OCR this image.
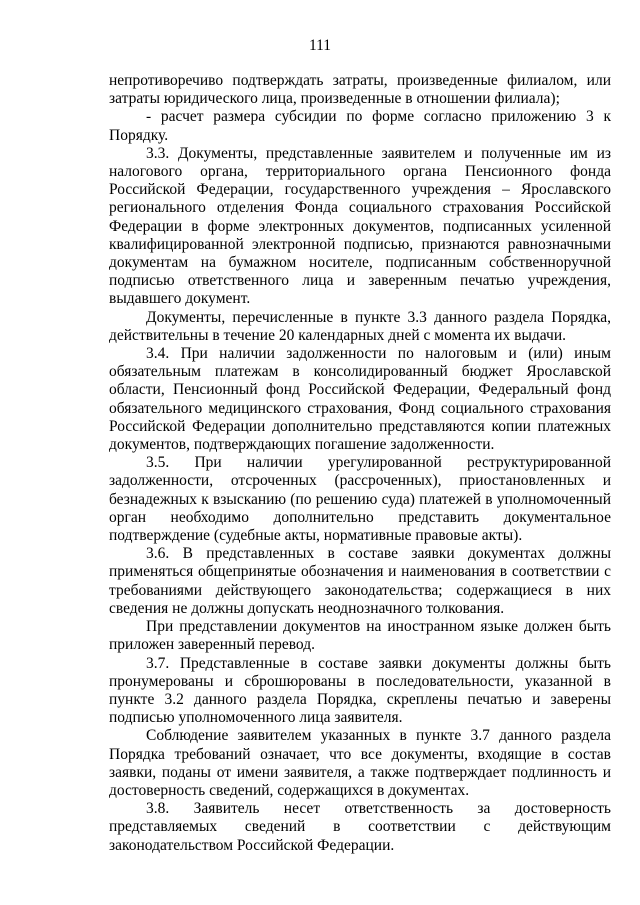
111

непротиворечиво подтверждать затраты, произведенные филиалом, или затраты юридического лица, произведенные в отношении филиала);

- расчет размера субсидии по форме согласно приложению 3 к Порядку.

3.3. Документы, представленные заявителем и полученные им из налогового органа, территориального органа Пенсионного фонда Российской Федерации, государственного учреждения – Ярославского регионального отделения Фонда социального страхования Российской Федерации в форме электронных документов, подписанных усиленной квалифицированной электронной подписью, признаются равнозначными документам на бумажном носителе, подписанным собственноручной подписью ответственного лица и заверенным печатью учреждения, выдавшего документ.

Документы, перечисленные в пункте 3.3 данного раздела Порядка, действительны в течение 20 календарных дней с момента их выдачи.

3.4. При наличии задолженности по налоговым и (или) иным обязательным платежам в консолидированный бюджет Ярославской области, Пенсионный фонд Российской Федерации, Федеральный фонд обязательного медицинского страхования, Фонд социального страхования Российской Федерации дополнительно представляются копии платежных документов, подтверждающих погашение задолженности.

3.5. При наличии урегулированной реструктурированной задолженности, отсроченных (рассроченных), приостановленных и безнадежных к взысканию (по решению суда) платежей в уполномоченный орган необходимо дополнительно представить документальное подтверждение (судебные акты, нормативные правовые акты).

3.6. В представленных в составе заявки документах должны применяться общепринятые обозначения и наименования в соответствии с требованиями действующего законодательства; содержащиеся в них сведения не должны допускать неоднозначного толкования.

При представлении документов на иностранном языке должен быть приложен заверенный перевод.

3.7. Представленные в составе заявки документы должны быть пронумерованы и сброшюрованы в последовательности, указанной в пункте 3.2 данного раздела Порядка, скреплены печатью и заверены подписью уполномоченного лица заявителя.

Соблюдение заявителем указанных в пункте 3.7 данного раздела Порядка требований означает, что все документы, входящие в состав заявки, поданы от имени заявителя, а также подтверждает подлинность и достоверность сведений, содержащихся в документах.

3.8. Заявитель несет ответственность за достоверность представляемых сведений в соответствии с действующим законодательством Российской Федерации.
